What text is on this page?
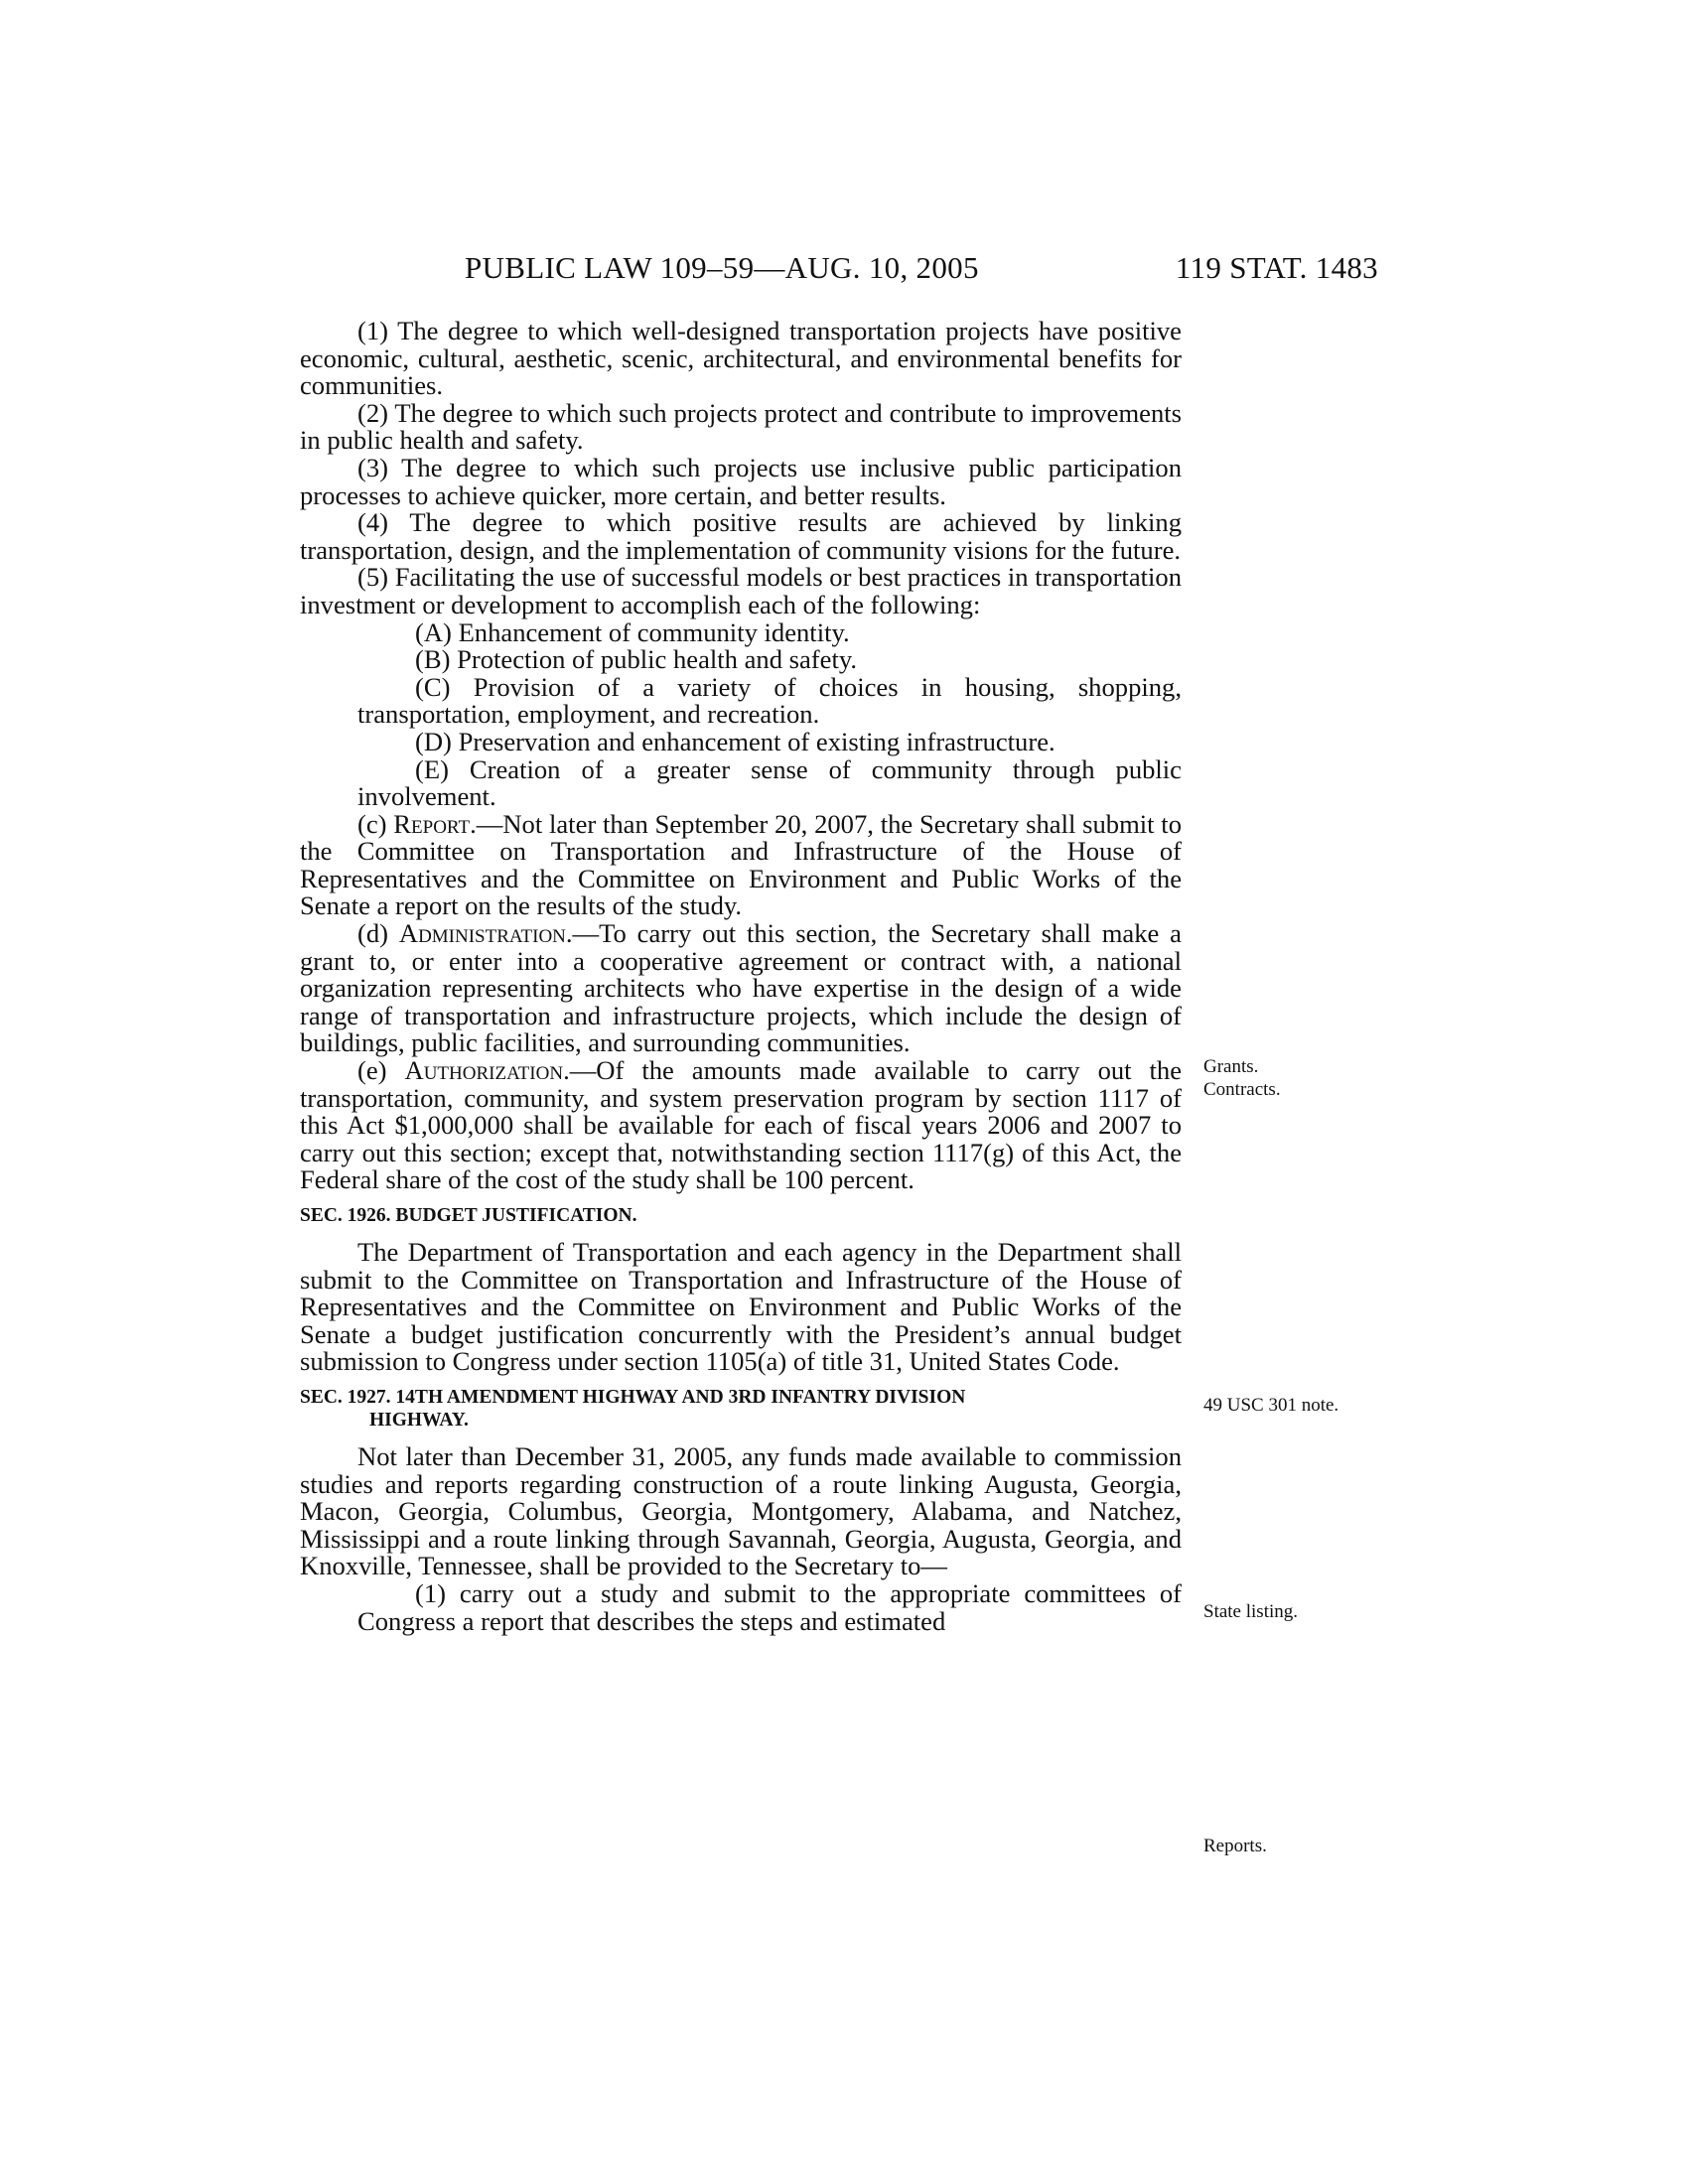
PUBLIC LAW 109–59—AUG. 10, 2005	119 STAT. 1483

(1) The degree to which well-designed transportation projects have positive economic, cultural, aesthetic, scenic, architectural, and environmental benefits for communities.

(2) The degree to which such projects protect and contribute to improvements in public health and safety.

(3) The degree to which such projects use inclusive public participation processes to achieve quicker, more certain, and better results.

(4) The degree to which positive results are achieved by linking transportation, design, and the implementation of community visions for the future.

(5) Facilitating the use of successful models or best practices in transportation investment or development to accomplish each of the following:

(A) Enhancement of community identity.

(B) Protection of public health and safety.

(C) Provision of a variety of choices in housing, shopping, transportation, employment, and recreation.

(D) Preservation and enhancement of existing infrastructure.

(E) Creation of a greater sense of community through public involvement.

(c) Report.—Not later than September 20, 2007, the Secretary shall submit to the Committee on Transportation and Infrastructure of the House of Representatives and the Committee on Environment and Public Works of the Senate a report on the results of the study.

(d) Administration.—To carry out this section, the Secretary shall make a grant to, or enter into a cooperative agreement or contract with, a national organization representing architects who have expertise in the design of a wide range of transportation and infrastructure projects, which include the design of buildings, public facilities, and surrounding communities.

(e) Authorization.—Of the amounts made available to carry out the transportation, community, and system preservation program by section 1117 of this Act $1,000,000 shall be available for each of fiscal years 2006 and 2007 to carry out this section; except that, notwithstanding section 1117(g) of this Act, the Federal share of the cost of the study shall be 100 percent.

SEC. 1926. BUDGET JUSTIFICATION.

The Department of Transportation and each agency in the Department shall submit to the Committee on Transportation and Infrastructure of the House of Representatives and the Committee on Environment and Public Works of the Senate a budget justification concurrently with the President’s annual budget submission to Congress under section 1105(a) of title 31, United States Code.

SEC. 1927. 14TH AMENDMENT HIGHWAY AND 3RD INFANTRY DIVISION
HIGHWAY.

Not later than December 31, 2005, any funds made available to commission studies and reports regarding construction of a route linking Augusta, Georgia, Macon, Georgia, Columbus, Georgia, Montgomery, Alabama, and Natchez, Mississippi and a route linking through Savannah, Georgia, Augusta, Georgia, and Knoxville, Tennessee, shall be provided to the Secretary to—

(1) carry out a study and submit to the appropriate committees of Congress a report that describes the steps and estimated

Grants.
Contracts.
49 USC 301 note.
State listing.
Reports.
